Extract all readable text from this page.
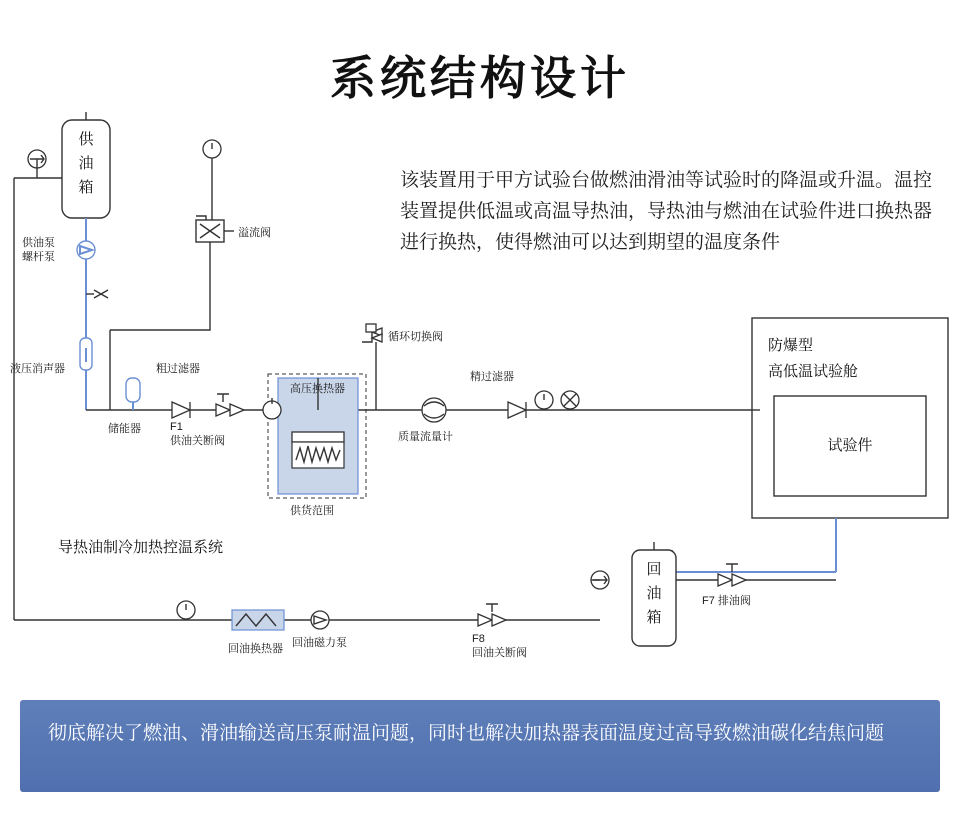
系统结构设计
该装置用于甲方试验台做燃油滑油等试验时的降温或升温。温控装置提供低温或高温导热油，导热油与燃油在试验件进口换热器进行换热，使得燃油可以达到期望的温度条件
供
油
箱
供油泵
螺杆泵
液压消声器
溢流阀
储能器
粗过滤器
F1
供油关断阀
循环切换阀
供货范围
高压换热器
质量流量计
精过滤器
防爆型
高低温试验舱
试验件
回
油
箱
F7 排油阀
F8
回油关断阀
回油磁力泵
回油换热器
导热油制冷加热控温系统
彻底解决了燃油、滑油输送高压泵耐温问题，同时也解决加热器表面温度过高导致燃油碳化结焦问题
